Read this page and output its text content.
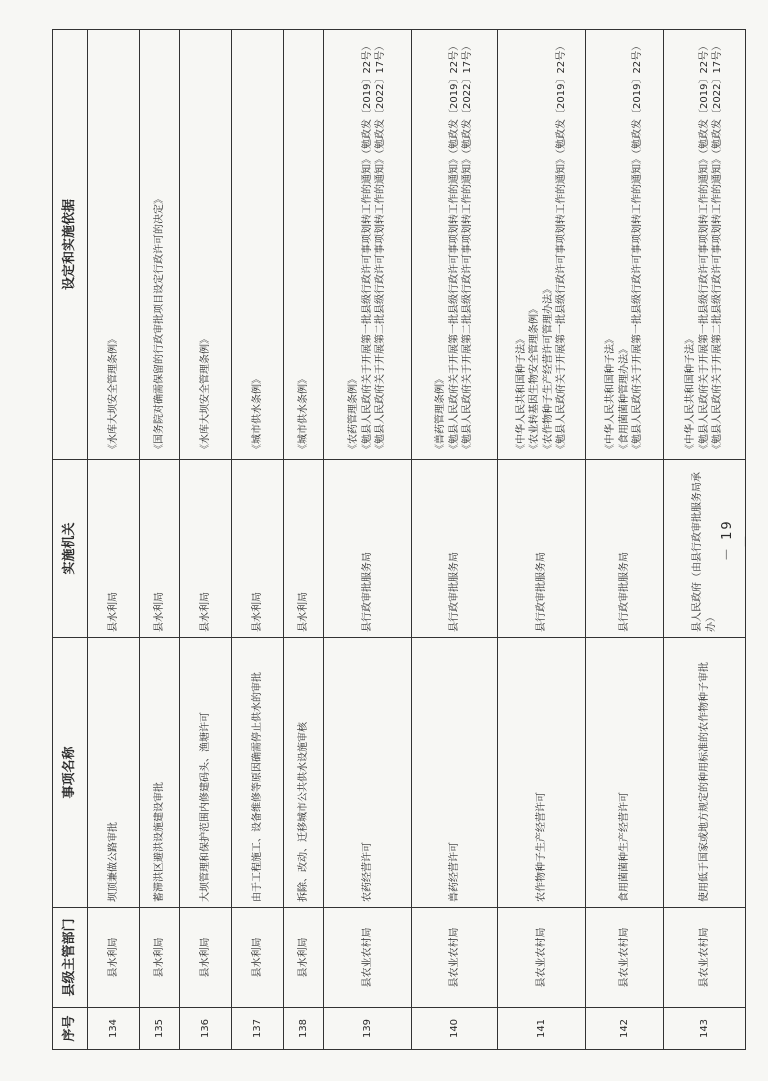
序号	县级主管部门	事项名称	实施机关	设定和实施依据
134	县水利局	坝顶兼做公路审批	县水利局	《水库大坝安全管理条例》

135	县水利局	蓄滞洪区避洪设施建设审批	县水利局	《国务院对确需保留的行政审批项目设定行政许可的决定》

136	县水利局	大坝管理和保护范围内修建码头、渔塘许可	县水利局	《水库大坝安全管理条例》

137	县水利局	由于工程施工、设备维修等原因确需停止供水的审批	县水利局	《城市供水条例》

138	县水利局	拆除、改动、迁移城市公共供水设施审核	县水利局	《城市供水条例》

139	县农业农村局	农药经营许可	县行政审批服务局	《农药管理条例》 《勉县人民政府关于开展第一批县级行政许可事项划转工作的通知》（勉政发〔2019〕22号） 《勉县人民政府关于开展第二批县级行政许可事项划转工作的通知》（勉政发〔2022〕17号）

140	县农业农村局	兽药经营许可	县行政审批服务局	《兽药管理条例》 《勉县人民政府关于开展第一批县级行政许可事项划转工作的通知》（勉政发〔2019〕22号） 《勉县人民政府关于开展第二批县级行政许可事项划转工作的通知》（勉政发〔2022〕17号）

141	县农业农村局	农作物种子生产经营许可	县行政审批服务局	《中华人民共和国种子法》 《农业转基因生物安全管理条例》 《农作物种子生产经营许可管理办法》 《勉县人民政府关于开展第一批县级行政许可事项划转工作的通知》（勉政发〔2019〕22号）

142	县农业农村局	食用菌菌种生产经营许可	县行政审批服务局	《中华人民共和国种子法》 《食用菌菌种管理办法》 《勉县人民政府关于开展第一批县级行政许可事项划转工作的通知》（勉政发〔2019〕22号）

143	县农业农村局	使用低于国家或地方规定的种用标准的农作物种子审批	县人民政府（由县行政审批服务局承办）	《中华人民共和国种子法》 《勉县人民政府关于开展第一批县级行政许可事项划转工作的通知》（勉政发〔2019〕22号） 《勉县人民政府关于开展第二批县级行政许可事项划转工作的通知》（勉政发〔2022〕17号）
－ 19 －
